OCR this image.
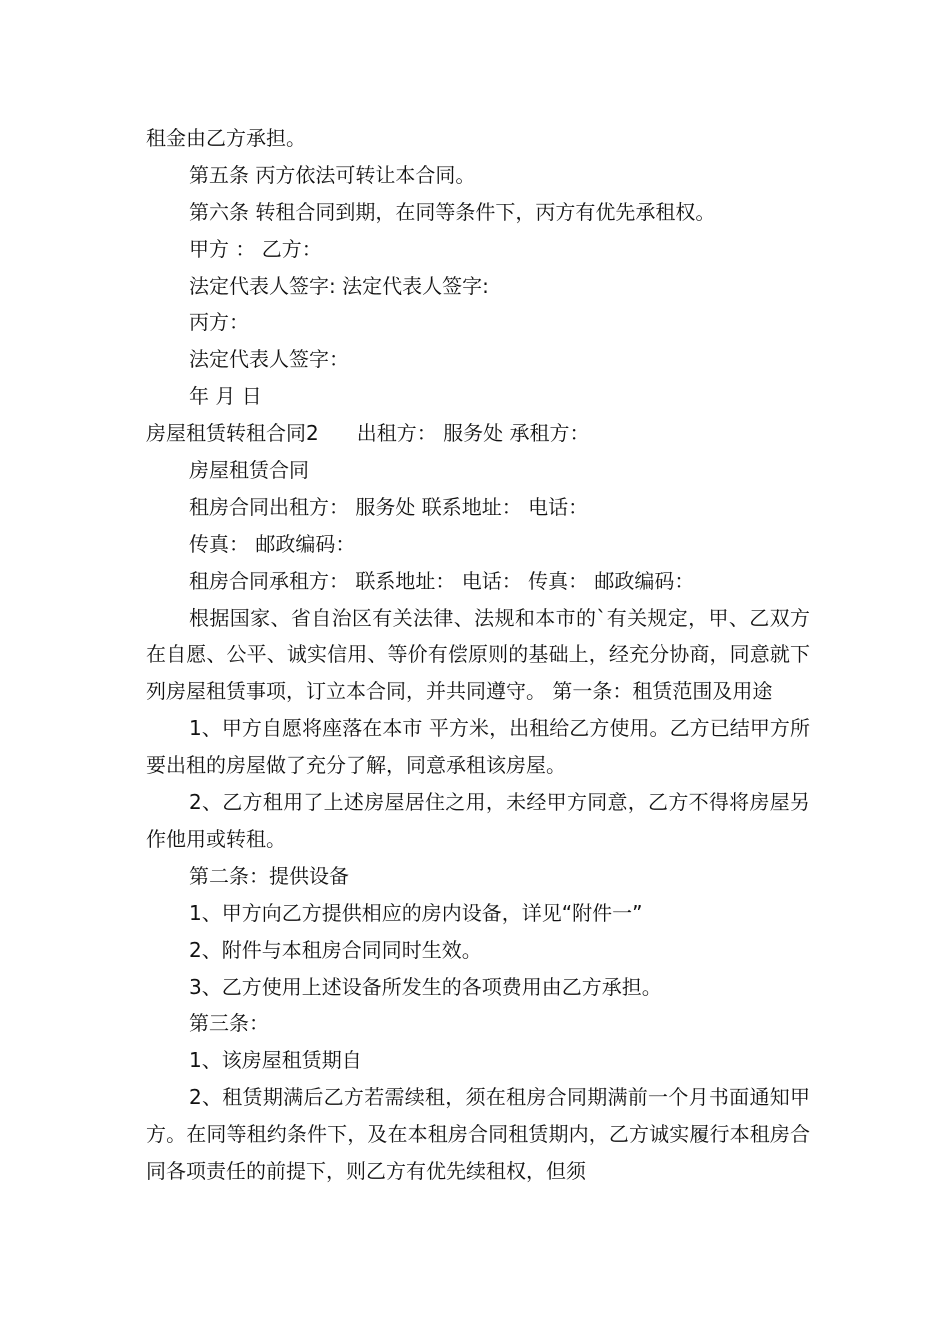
租金由乙方承担。
第五条 丙方依法可转让本合同。
第六条 转租合同到期，在同等条件下，丙方有优先承租权。
甲方 ： 乙方：
法定代表人签字: 法定代表人签字:
丙方：
法定代表人签字：
年 月 日
房屋租赁转租合同2 出租方： 服务处 承租方：
房屋租赁合同
租房合同出租方： 服务处 联系地址： 电话：
传真： 邮政编码：
租房合同承租方： 联系地址： 电话： 传真： 邮政编码：
根据国家、省自治区有关法律、法规和本市的`有关规定，甲、乙双方在自愿、公平、诚实信用、等价有偿原则的基础上，经充分协商，同意就下列房屋租赁事项，订立本合同，并共同遵守。 第一条：租赁范围及用途
1、甲方自愿将座落在本市 平方米，出租给乙方使用。乙方已结甲方所要出租的房屋做了充分了解，同意承租该房屋。
2、乙方租用了上述房屋居住之用，未经甲方同意，乙方不得将房屋另作他用或转租。
第二条：提供设备
1、甲方向乙方提供相应的房内设备，详见“附件一”
2、附件与本租房合同同时生效。
3、乙方使用上述设备所发生的各项费用由乙方承担。
第三条：
1、该房屋租赁期自
2、租赁期满后乙方若需续租，须在租房合同期满前一个月书面通知甲方。在同等租约条件下，及在本租房合同租赁期内，乙方诚实履行本租房合同各项责任的前提下，则乙方有优先续租权，但须
